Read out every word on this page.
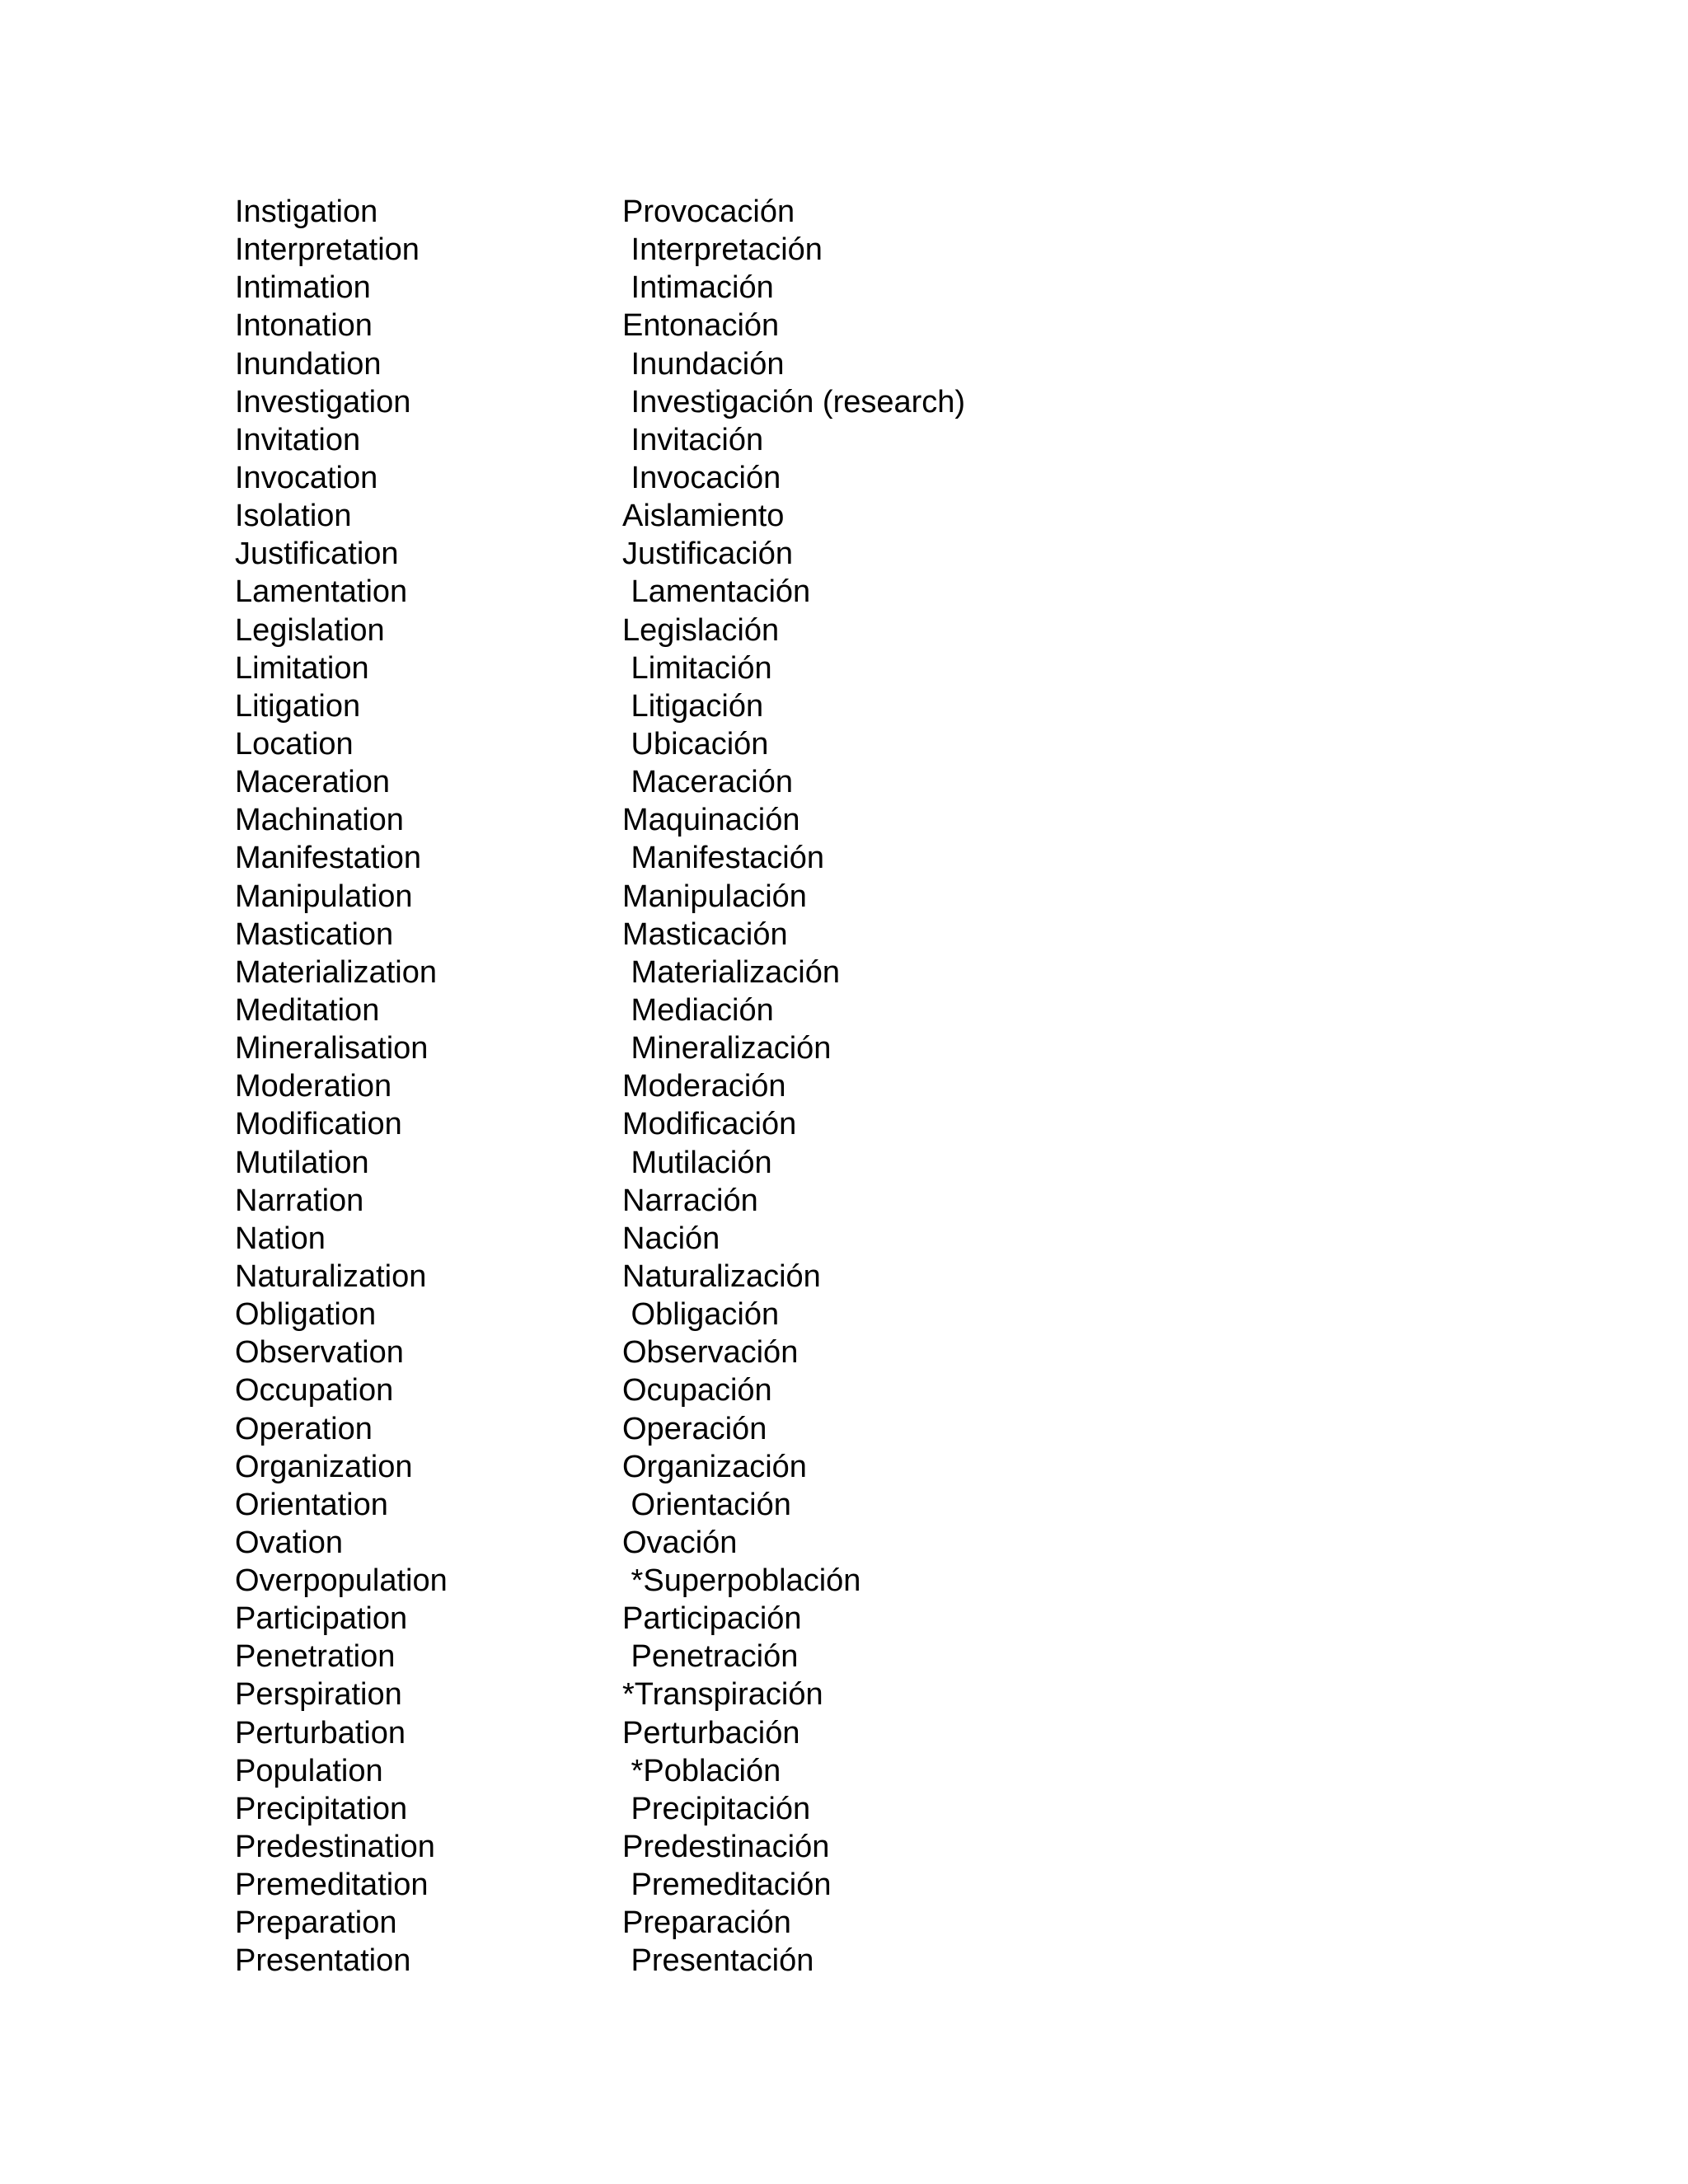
Instigation	Provocación
Interpretation	Interpretación
Intimation	Intimación
Intonation	Entonación
Inundation	Inundación
Investigation	Investigación (research)
Invitation	Invitación
Invocation	Invocación
Isolation	Aislamiento
Justification	Justificación
Lamentation	Lamentación
Legislation	Legislación
Limitation	Limitación
Litigation	Litigación
Location	Ubicación
Maceration	Maceración
Machination	Maquinación
Manifestation	Manifestación
Manipulation	Manipulación
Mastication	Masticación
Materialization	Materialización
Meditation	Mediación
Mineralisation	Mineralización
Moderation	Moderación
Modification	Modificación
Mutilation	Mutilación
Narration	Narración
Nation	Nación
Naturalization	Naturalización
Obligation	Obligación
Observation	Observación
Occupation	Ocupación
Operation	Operación
Organization	Organización
Orientation	Orientación
Ovation	Ovación
Overpopulation	*Superpoblación
Participation	Participación
Penetration	Penetración
Perspiration	*Transpiración
Perturbation	Perturbación
Population	*Población
Precipitation	Precipitación
Predestination	Predestinación
Premeditation	Premeditación
Preparation	Preparación
Presentation	Presentación
